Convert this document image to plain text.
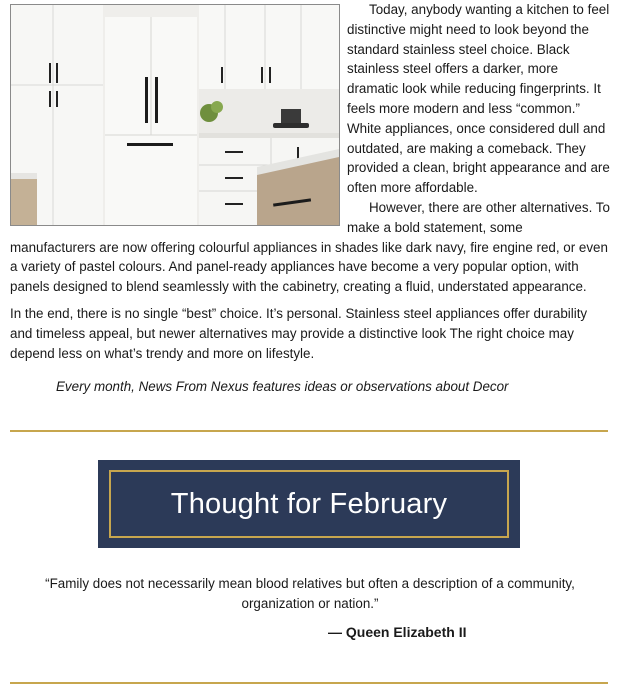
Today, anybody wanting a kitchen to feel distinctive might need to look beyond the standard stainless steel choice. Black stainless steel offers a darker, more dramatic look while reducing fingerprints. It feels more modern and less “common.” White appliances, once considered dull and outdated, are making a comeback. They provided a clean, bright appearance and are often more affordable.

However, there are other alternatives. To make a bold statement, some manufacturers are now offering colourful appliances in shades like dark navy, fire engine red, or even a variety of pastel colours. And panel-ready appliances have become a very popular option, with panels designed to blend seamlessly with the cabinetry, creating a fluid, understated appearance.

In the end, there is no single “best” choice. It’s personal. Stainless steel appliances offer durability and timeless appeal, but newer alternatives may provide a distinctive look The right choice may depend less on what’s trendy and more on lifestyle.

Every month, News From Nexus features ideas or observations about Decor

Thought for February
“Family does not necessarily mean blood relatives but often a description of a community, organization or nation.”
— Queen Elizabeth II
